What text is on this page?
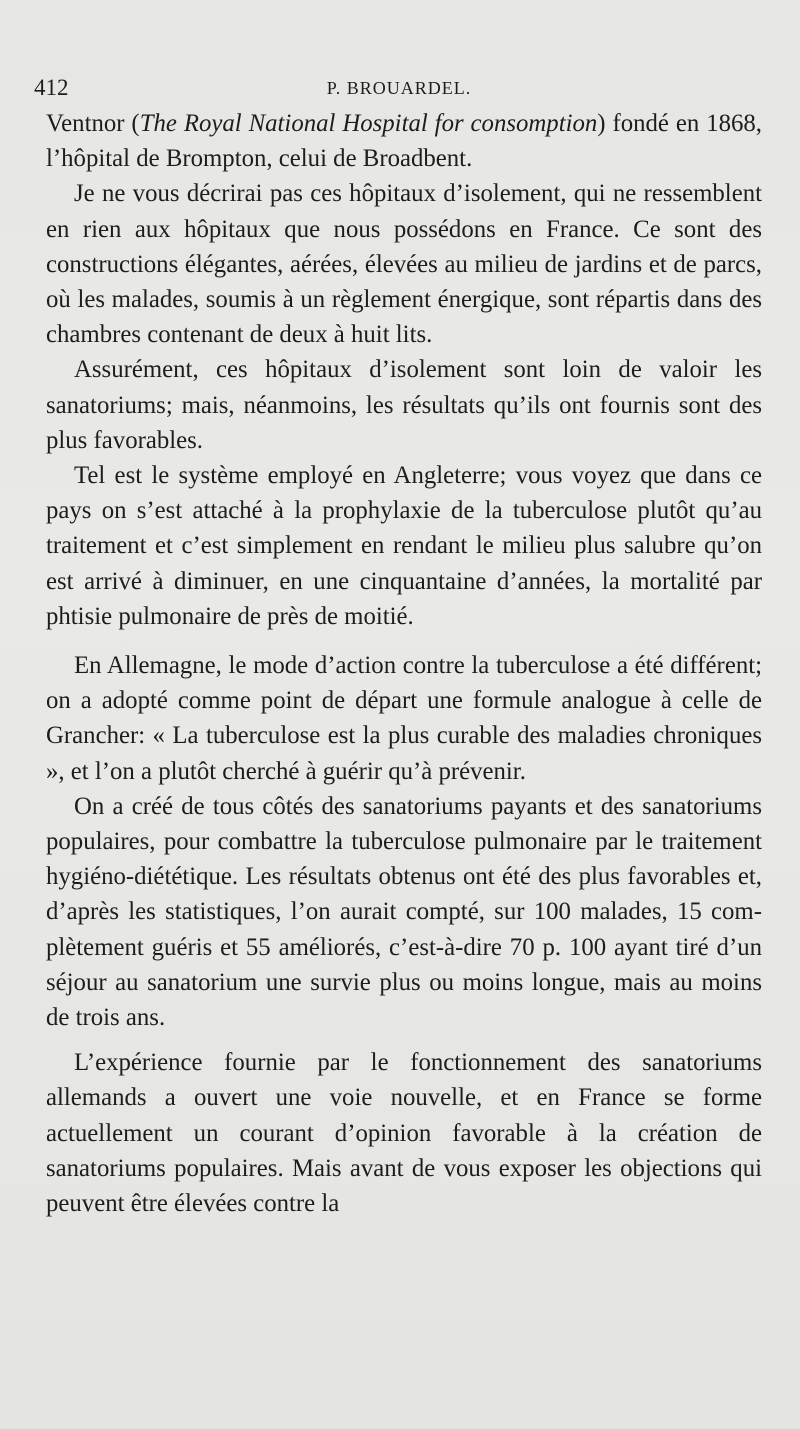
412	P. BROUARDEL.

Ventnor (The Royal National Hospital for consomption) fondé en 1868, l’hôpital de Brompton, celui de Broadbent.

Je ne vous décrirai pas ces hôpitaux d’isolement, qui ne ressemblent en rien aux hôpitaux que nous possédons en France. Ce sont des constructions élégantes, aérées, élevées au milieu de jardins et de parcs, où les malades, soumis à un règlement énergique, sont répartis dans des chambres contenant de deux à huit lits.

Assurément, ces hôpitaux d’isolement sont loin de valoir les sanatoriums; mais, néanmoins, les résultats qu’ils ont fournis sont des plus favorables.

Tel est le système employé en Angleterre; vous voyez que dans ce pays on s’est attaché à la prophylaxie de la tuberculose plutôt qu’au traitement et c’est simplement en rendant le milieu plus salubre qu’on est arrivé à diminuer, en une cinquantaine d’années, la mortalité par phtisie pulmonaire de près de moitié.

En Allemagne, le mode d’action contre la tuberculose a été différent; on a adopté comme point de départ une formule analogue à celle de Grancher: « La tuberculose est la plus curable des maladies chroniques », et l’on a plutôt cherché à guérir qu’à prévenir.

On a créé de tous côtés des sanatoriums payants et des sanatoriums populaires, pour combattre la tuberculose pulmonaire par le traitement hygiéno-diététique. Les résultats obtenus ont été des plus favorables et, d’après les statistiques, l’on aurait compté, sur 100 malades, 15 complètement guéris et 55 améliorés, c’est-à-dire 70 p. 100 ayant tiré d’un séjour au sanatorium une survie plus ou moins longue, mais au moins de trois ans.

L’expérience fournie par le fonctionnement des sanatoriums allemands a ouvert une voie nouvelle, et en France se forme actuellement un courant d’opinion favorable à la création de sanatoriums populaires. Mais avant de vous exposer les objections qui peuvent être élevées contre la
